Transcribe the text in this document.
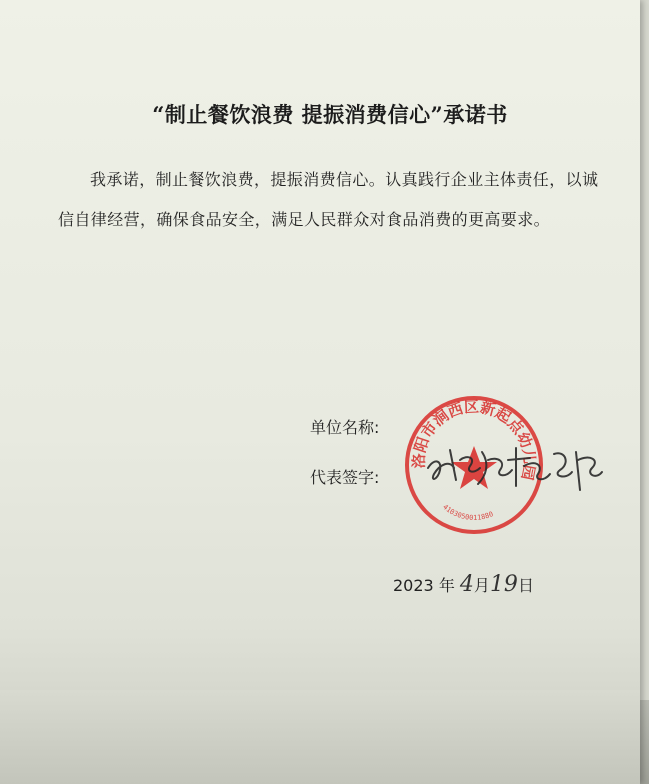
“制止餐饮浪费 提振消费信心”承诺书
我承诺，制止餐饮浪费，提振消费信心。认真践行企业主体责任，以诚信自律经营，确保食品安全，满足人民群众对食品消费的更高要求。
单位名称:
代表签字:
洛阳市涧西区新起点幼儿园
4103050011880
2023 年 4月19日
